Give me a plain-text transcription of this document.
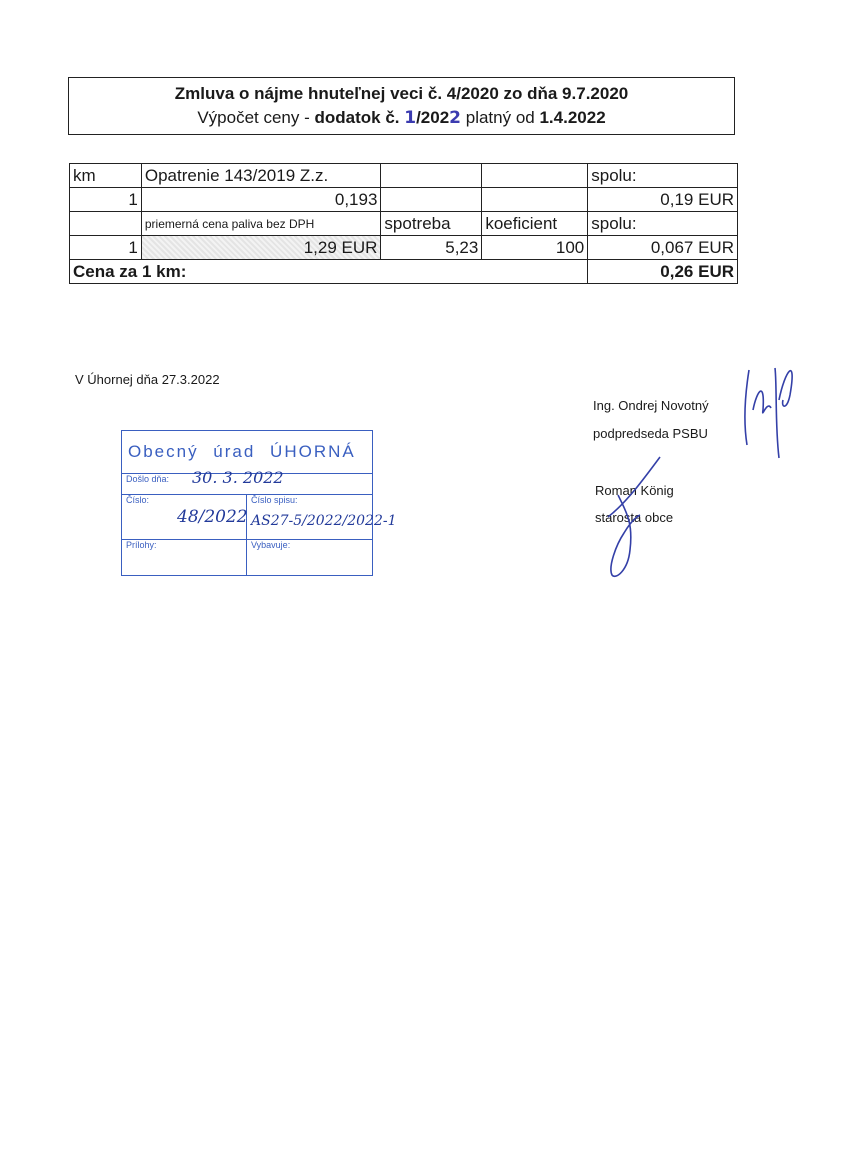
Zmluva o nájme hnuteľnej veci č. 4/2020 zo dňa 9.7.2020
Výpočet ceny - dodatok č. 1/2022 platný od 1.4.2022
km	Opatrenie 143/2019 Z.z.			spolu:
1	0,193			0,19 EUR
	priemerná cena paliva bez DPH	spotreba	koeficient	spolu:
1	1,29 EUR	5,23	100	0,067 EUR
Cena za 1 km:				0,26 EUR
V Úhornej dňa 27.3.2022
Ing. Ondrej Novotný
podpredseda PSBU
Roman König
starosta obce
Obecný úrad ÚHORNÁ
Došlo dňa: 30. 3. 2022
Číslo:
48/2022
Prílohy:
Číslo spisu:
AS27-5/2022/2022-1
Vybavuje:
